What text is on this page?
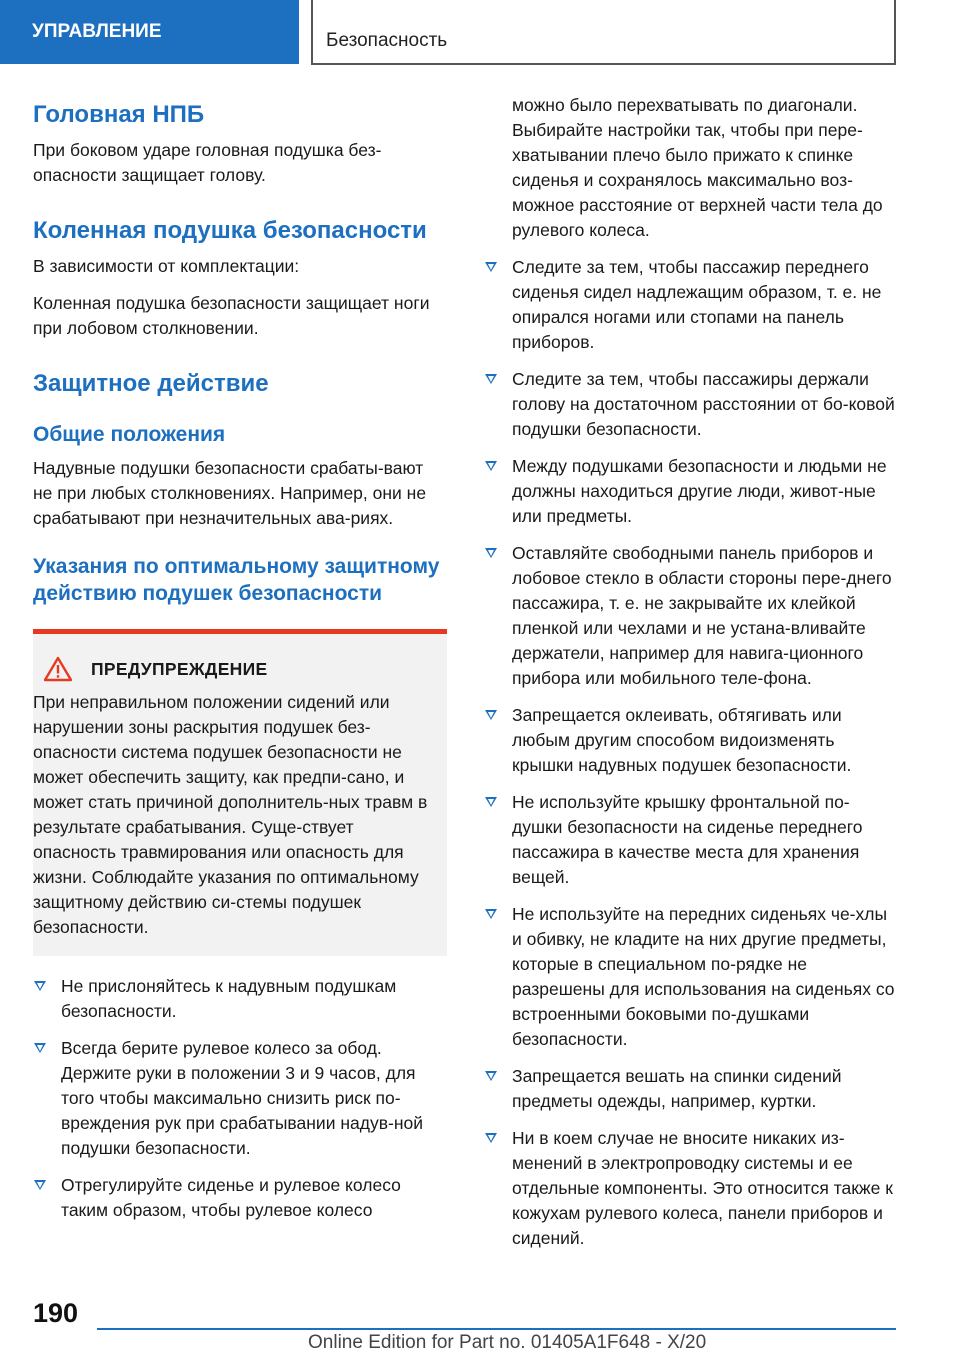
УПРАВЛЕНИЕ	Безопасность
Головная НПБ

При боковом ударе головная подушка без-опасности защищает голову.

Коленная подушка безопасности

В зависимости от комплектации:

Коленная подушка безопасности защищает ноги при лобовом столкновении.

Защитное действие
Общие положения

Надувные подушки безопасности срабаты-вают не при любых столкновениях. Например, они не срабатывают при незначительных ава-риях.

Указания по оптимальному защитному действию подушек безопасности
ПРЕДУПРЕЖДЕНИЕ

При неправильном положении сидений или нарушении зоны раскрытия подушек без-опасности система подушек безопасности не может обеспечить защиту, как предпи-сано, и может стать причиной дополнитель-ных травм в результате срабатывания. Суще-ствует опасность травмирования или опасность для жизни. Соблюдайте указания по оптимальному защитному действию си-стемы подушек безопасности.

Не прислоняйтесь к надувным подушкам безопасности.
Всегда берите рулевое колесо за обод. Держите руки в положении 3 и 9 часов, для того чтобы максимально снизить риск по-вреждения рук при срабатывании надув-ной подушки безопасности.
Отрегулируйте сиденье и рулевое колесо таким образом, чтобы рулевое колесо

можно было перехватывать по диагонали. Выбирайте настройки так, чтобы при пере-хватывании плечо было прижато к спинке сиденья и сохранялось максимально воз-можное расстояние от верхней части тела до рулевого колеса.

Следите за тем, чтобы пассажир переднего сиденья сидел надлежащим образом, т. е. не опирался ногами или стопами на панель приборов.
Следите за тем, чтобы пассажиры держали голову на достаточном расстоянии от бо-ковой подушки безопасности.
Между подушками безопасности и людьми не должны находиться другие люди, живот-ные или предметы.
Оставляйте свободными панель приборов и лобовое стекло в области стороны пере-днего пассажира, т. е. не закрывайте их клейкой пленкой или чехлами и не устана-вливайте держатели, например для навига-ционного прибора или мобильного теле-фона.
Запрещается оклеивать, обтягивать или любым другим способом видоизменять крышки надувных подушек безопасности.
Не используйте крышку фронтальной по-душки безопасности на сиденье переднего пассажира в качестве места для хранения вещей.
Не используйте на передних сиденьях че-хлы и обивку, не кладите на них другие предметы, которые в специальном по-рядке не разрешены для использования на сиденьях со встроенными боковыми по-душками безопасности.
Запрещается вешать на спинки сидений предметы одежды, например, куртки.
Ни в коем случае не вносите никаких из-менений в электропроводку системы и ее отдельные компоненты. Это относится также к кожухам рулевого колеса, панели приборов и сидений.
190
Online Edition for Part no. 01405A1F648 - X/20
